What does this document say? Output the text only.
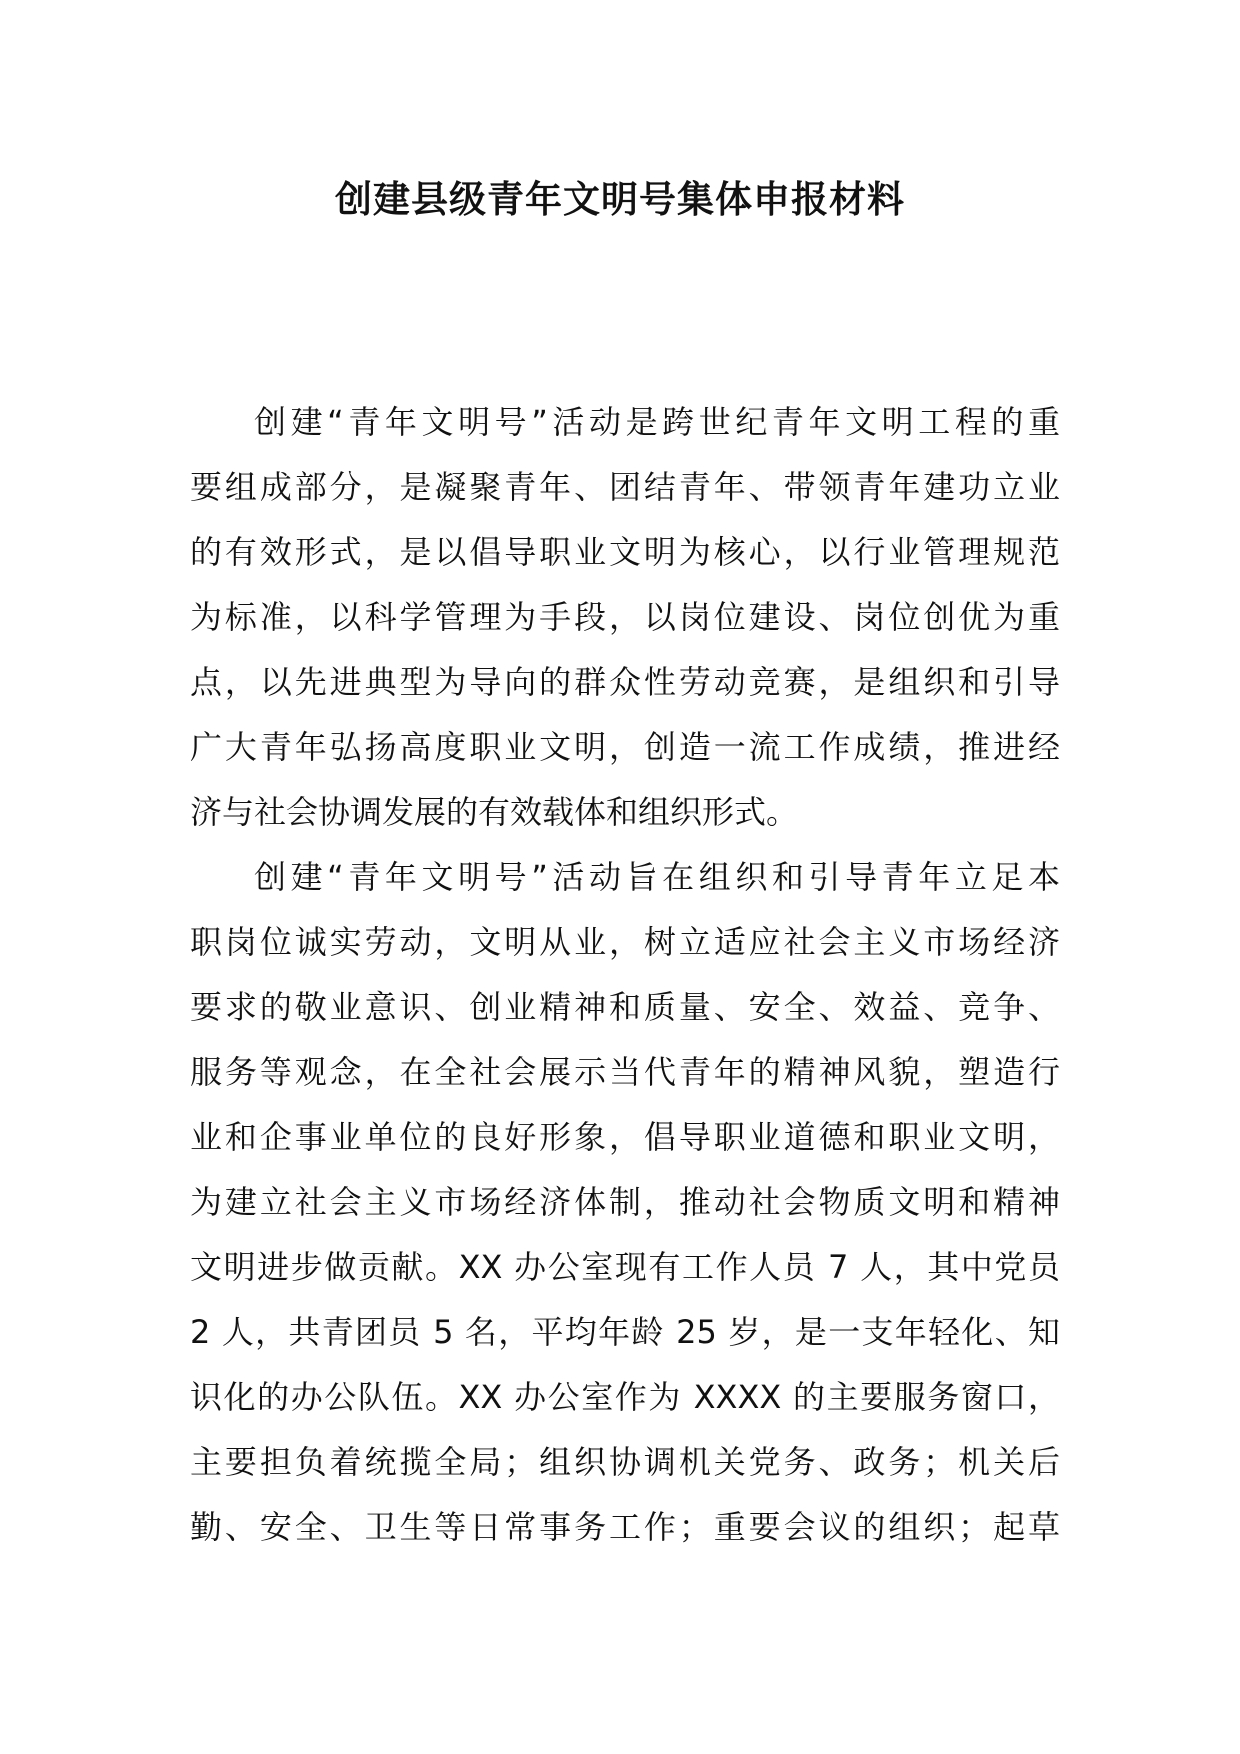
创建县级青年文明号集体申报材料
创建“青年文明号”活动是跨世纪青年文明工程的重
要组成部分，是凝聚青年、团结青年、带领青年建功立业
的有效形式，是以倡导职业文明为核心，以行业管理规范
为标准，以科学管理为手段，以岗位建设、岗位创优为重
点，以先进典型为导向的群众性劳动竞赛，是组织和引导
广大青年弘扬高度职业文明，创造一流工作成绩，推进经
济与社会协调发展的有效载体和组织形式。
创建“青年文明号”活动旨在组织和引导青年立足本
职岗位诚实劳动，文明从业，树立适应社会主义市场经济
要求的敬业意识、创业精神和质量、安全、效益、竞争、
服务等观念，在全社会展示当代青年的精神风貌，塑造行
业和企事业单位的良好形象，倡导职业道德和职业文明，
为建立社会主义市场经济体制，推动社会物质文明和精神
文明进步做贡献。XX 办公室现有工作人员 7 人，其中党员
2 人，共青团员 5 名，平均年龄 25 岁，是一支年轻化、知
识化的办公队伍。XX 办公室作为 XXXX 的主要服务窗口，
主要担负着统揽全局；组织协调机关党务、政务；机关后
勤、安全、卫生等日常事务工作；重要会议的组织；起草
